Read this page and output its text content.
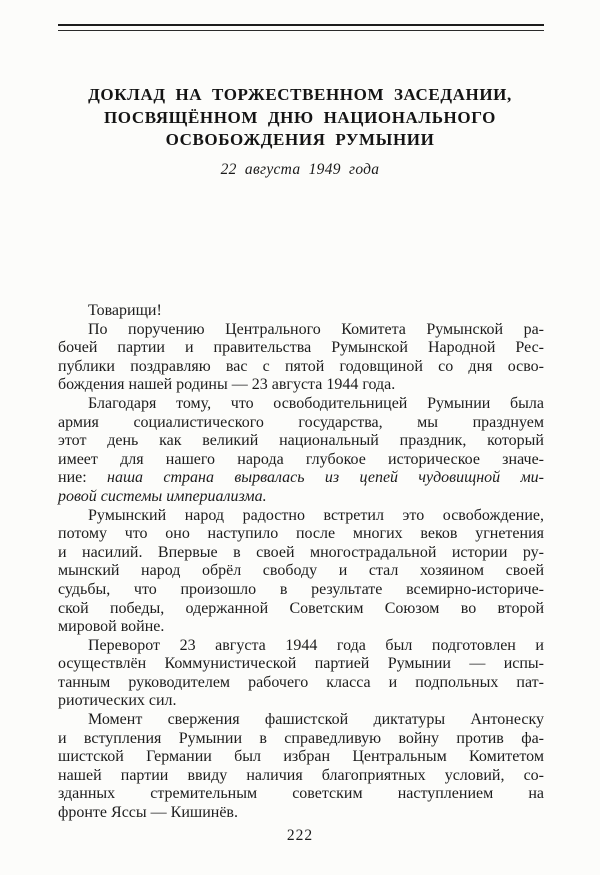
ДОКЛАД НА ТОРЖЕСТВЕННОМ ЗАСЕДАНИИ,
ПОСВЯЩЁННОМ ДНЮ НАЦИОНАЛЬНОГО
ОСВОБОЖДЕНИЯ РУМЫНИИ
22 августа 1949 года
Товарищи!
По поручению Центрального Комитета Румынской ра-
бочей партии и правительства Румынской Народной Рес-
публики поздравляю вас с пятой годовщиной со дня осво-
бождения нашей родины — 23 августа 1944 года.
Благодаря тому, что освободительницей Румынии была
армия социалистического государства, мы празднуем
этот день как великий национальный праздник, который
имеет для нашего народа глубокое историческое значе-
ние: наша страна вырвалась из цепей чудовищной ми-
ровой системы империализма.
Румынский народ радостно встретил это освобождение,
потому что оно наступило после многих веков угнетения
и насилий. Впервые в своей многострадальной истории ру-
мынский народ обрёл свободу и стал хозяином своей
судьбы, что произошло в результате всемирно-историче-
ской победы, одержанной Советским Союзом во второй
мировой войне.
Переворот 23 августа 1944 года был подготовлен и
осуществлён Коммунистической партией Румынии — испы-
танным руководителем рабочего класса и подпольных пат-
риотических сил.
Момент свержения фашистской диктатуры Антонеску
и вступления Румынии в справедливую войну против фа-
шистской Германии был избран Центральным Комитетом
нашей партии ввиду наличия благоприятных условий, со-
зданных стремительным советским наступлением на
фронте Яссы — Кишинёв.
222
